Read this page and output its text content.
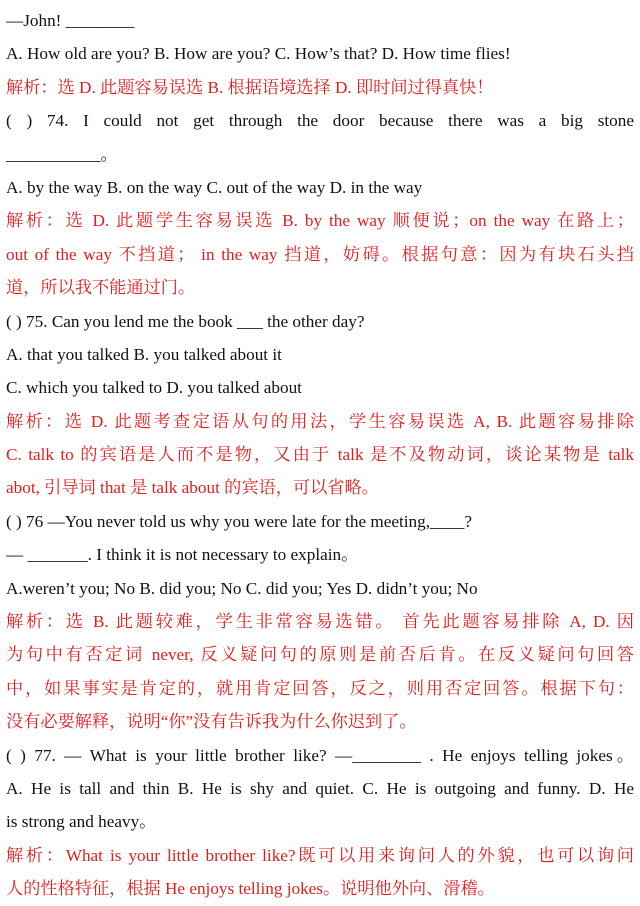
—John! ________
A. How old are you? B. How are you? C. How’s that? D. How time flies!
解析：选 D. 此题容易误选 B. 根据语境选择 D. 即时间过得真快！
( ) 74. I could not get through the door because there was a big stone
___________。
A. by the way B. on the way C. out of the way D. in the way
解析：选 D. 此题学生容易误选 B. by the way 顺便说；on the way 在路上；
out of the way 不挡道； in the way 挡道，妨碍。根据句意：因为有块石头挡
道，所以我不能通过门。
( ) 75. Can you lend me the book ___ the other day?
A. that you talked B. you talked about it
C. which you talked to D. you talked about
解析：选 D. 此题考查定语从句的用法，学生容易误选 A, B. 此题容易排除
C. talk to 的宾语是人而不是物，又由于 talk 是不及物动词，谈论某物是 talk
abot, 引导词 that 是 talk about 的宾语，可以省略。
( ) 76 —You never told us why you were late for the meeting,____?
— _______. I think it is not necessary to explain。
A.weren’t you; No B. did you; No C. did you; Yes D. didn’t you; No
解析：选 B. 此题较难，学生非常容易选错。 首先此题容易排除 A, D. 因
为句中有否定词 never, 反义疑问句的原则是前否后肯。在反义疑问句回答
中，如果事实是肯定的，就用肯定回答，反之，则用否定回答。根据下句：
没有必要解释，说明“你”没有告诉我为什么你迟到了。
( ) 77. — What is your little brother like? —________ . He enjoys telling jokes。
A. He is tall and thin B. He is shy and quiet. C. He is outgoing and funny. D. He
is strong and heavy。
解析：What is your little brother like?既可以用来询问人的外貌，也可以询问
人的性格特征，根据 He enjoys telling jokes。说明他外向、滑稽。
